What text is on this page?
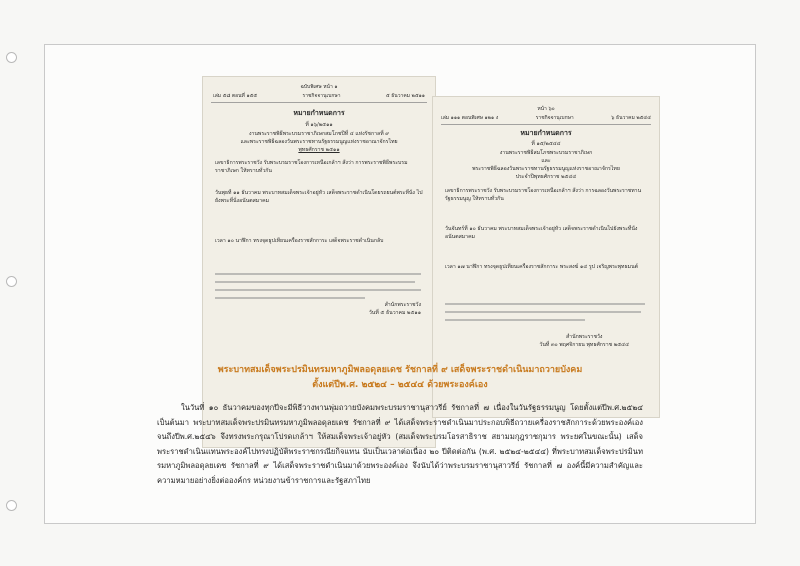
ฉบับพิเศษ หน้า ๑
เล่ม ๕๘ ตอนที่ ๑๕๕	ราชกิจจานุเบกษา	๕ ธันวาคม ๒๕๑๑
หมายกำหนดการ
ที่ ๑๖/๒๕๑๑
งานพระราชพิธีพระบรมราชาภิเษกสมโภชปีที่ ๔ แห่งรัชกาลที่ ๙
และพระราชพิธีฉลองวันพระราชทานรัฐธรรมนูญแห่งราชอาณาจักรไทย
พุทธศักราช ๒๕๑๑
เลขาธิการพระราชวัง รับพระบรมราชโองการเหนือเกล้าฯ สั่งว่า การพระราชพิธีพระบรมราชาภิเษก ให้ทราบทั่วกัน
วันพุธที่ ๑๑ ธันวาคม พระบาทสมเด็จพระเจ้าอยู่หัว เสด็จพระราชดำเนินโดยรถยนต์พระที่นั่ง ไปยังพระที่นั่งอนันตสมาคม
เวลา ๑๐ นาฬิกา ทรงจุดธูปเทียนเครื่องราชสักการะ เสด็จพระราชดำเนินกลับ
สำนักพระราชวัง
วันที่ ๕ ธันวาคม ๒๕๑๑
หน้า ๖๐
เล่ม ๑๑๑ ตอนพิเศษ ๑๒๑ ง	ราชกิจจานุเบกษา	๖ ธันวาคม ๒๕๔๔
หมายกำหนดการ
ที่ ๑๕/๒๕๔๔
งานพระราชพิธีสมโภชพระบรมราชาภิเษก
และ
พระราชพิธีฉลองวันพระราชทานรัฐธรรมนูญแห่งราชอาณาจักรไทย
ประจำปีพุทธศักราช ๒๕๔๔
เลขาธิการพระราชวัง รับพระบรมราชโองการเหนือเกล้าฯ สั่งว่า การฉลองวันพระราชทานรัฐธรรมนูญ ให้ทราบทั่วกัน
วันจันทร์ที่ ๑๐ ธันวาคม พระบาทสมเด็จพระเจ้าอยู่หัว เสด็จพระราชดำเนินไปยังพระที่นั่งอนันตสมาคม
เวลา ๑๗ นาฬิกา ทรงจุดธูปเทียนเครื่องราชสักการะ พระสงฆ์ ๑๔ รูป เจริญพระพุทธมนต์
สำนักพระราชวัง
วันที่ ๓๐ พฤศจิกายน พุทธศักราช ๒๕๔๔
พระบาทสมเด็จพระปรมินทรมหาภูมิพลอดุลยเดช รัชกาลที่ ๙ เสด็จพระราชดำเนินมาถวายบังคม
ตั้งแต่ปีพ.ศ. ๒๕๒๔ – ๒๕๔๔ ด้วยพระองค์เอง
ในวันที่ ๑๐ ธันวาคมของทุกปีจะมีพิธีวางพานพุ่มถวายบังคมพระบรมราชานุสาวรีย์ รัชกาลที่ ๗ เนื่องในวันรัฐธรรมนูญ โดยตั้งแต่ปีพ.ศ.๒๕๒๔ เป็นต้นมา พระบาทสมเด็จพระปรมินทรมหาภูมิพลอดุลยเดช รัชกาลที่ ๙ ได้เสด็จพระราชดำเนินมาประกอบพิธีถวายเครื่องราชสักการะด้วยพระองค์เอง จนถึงปีพ.ศ.๒๕๔๖ จึงทรงพระกรุณาโปรดเกล้าฯ ให้สมเด็จพระเจ้าอยู่หัว (สมเด็จพระบรมโอรสาธิราช สยามมกุฎราชกุมาร พระยศในขณะนั้น) เสด็จพระราชดำเนินแทนพระองค์ไปทรงปฏิบัติพระราชกรณียกิจแทน นับเป็นเวลาต่อเนื่อง ๒๐ ปีติดต่อกัน (พ.ศ. ๒๕๒๔-๒๕๔๔) ที่พระบาทสมเด็จพระปรมินทรมหาภูมิพลอดุลยเดช รัชกาลที่ ๙ ได้เสด็จพระราชดำเนินมาด้วยพระองค์เอง จึงนับได้ว่าพระบรมราชานุสาวรีย์ รัชกาลที่ ๗ องค์นี้มีความสำคัญและความหมายอย่างยิ่งต่อองค์กร หน่วยงานข้าราชการและรัฐสภาไทย
